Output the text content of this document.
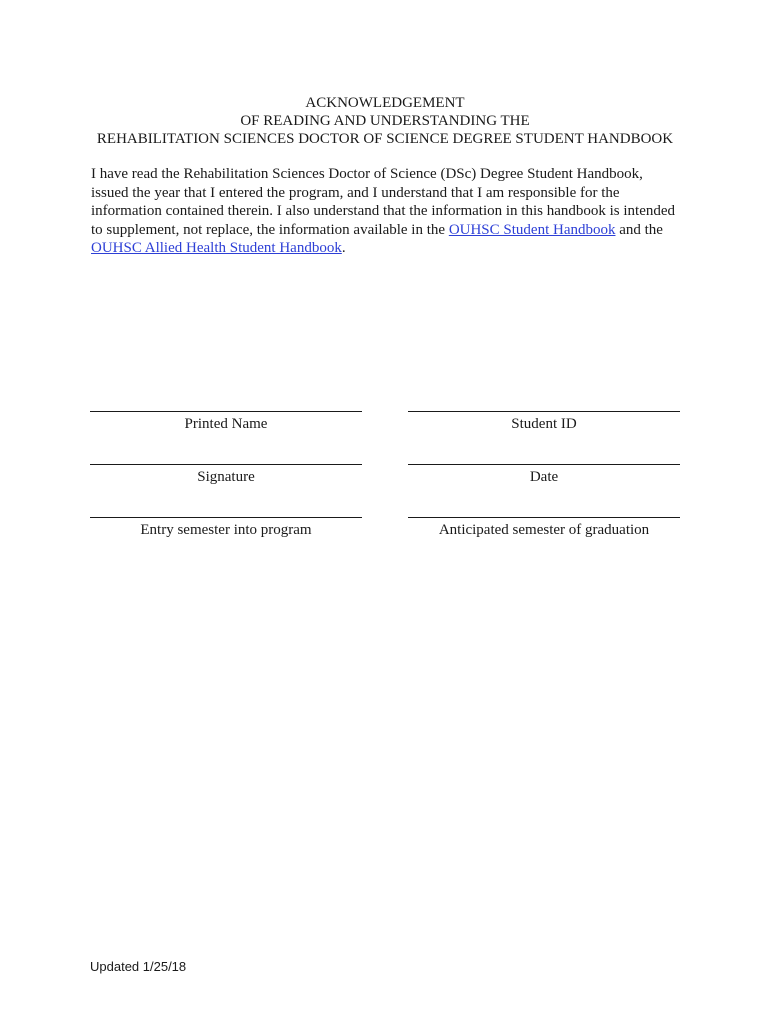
ACKNOWLEDGEMENT
OF READING AND UNDERSTANDING THE
REHABILITATION SCIENCES DOCTOR OF SCIENCE DEGREE STUDENT HANDBOOK

I have read the Rehabilitation Sciences Doctor of Science (DSc) Degree Student Handbook,
issued the year that I entered the program, and I understand that I am responsible for the
information contained therein. I also understand that the information in this handbook is intended
to supplement, not replace, the information available in the OUHSC Student Handbook and the
OUHSC Allied Health Student Handbook.

Printed Name	Student ID
Signature	Date
Entry semester into program	Anticipated semester of graduation
Updated 1/25/18
